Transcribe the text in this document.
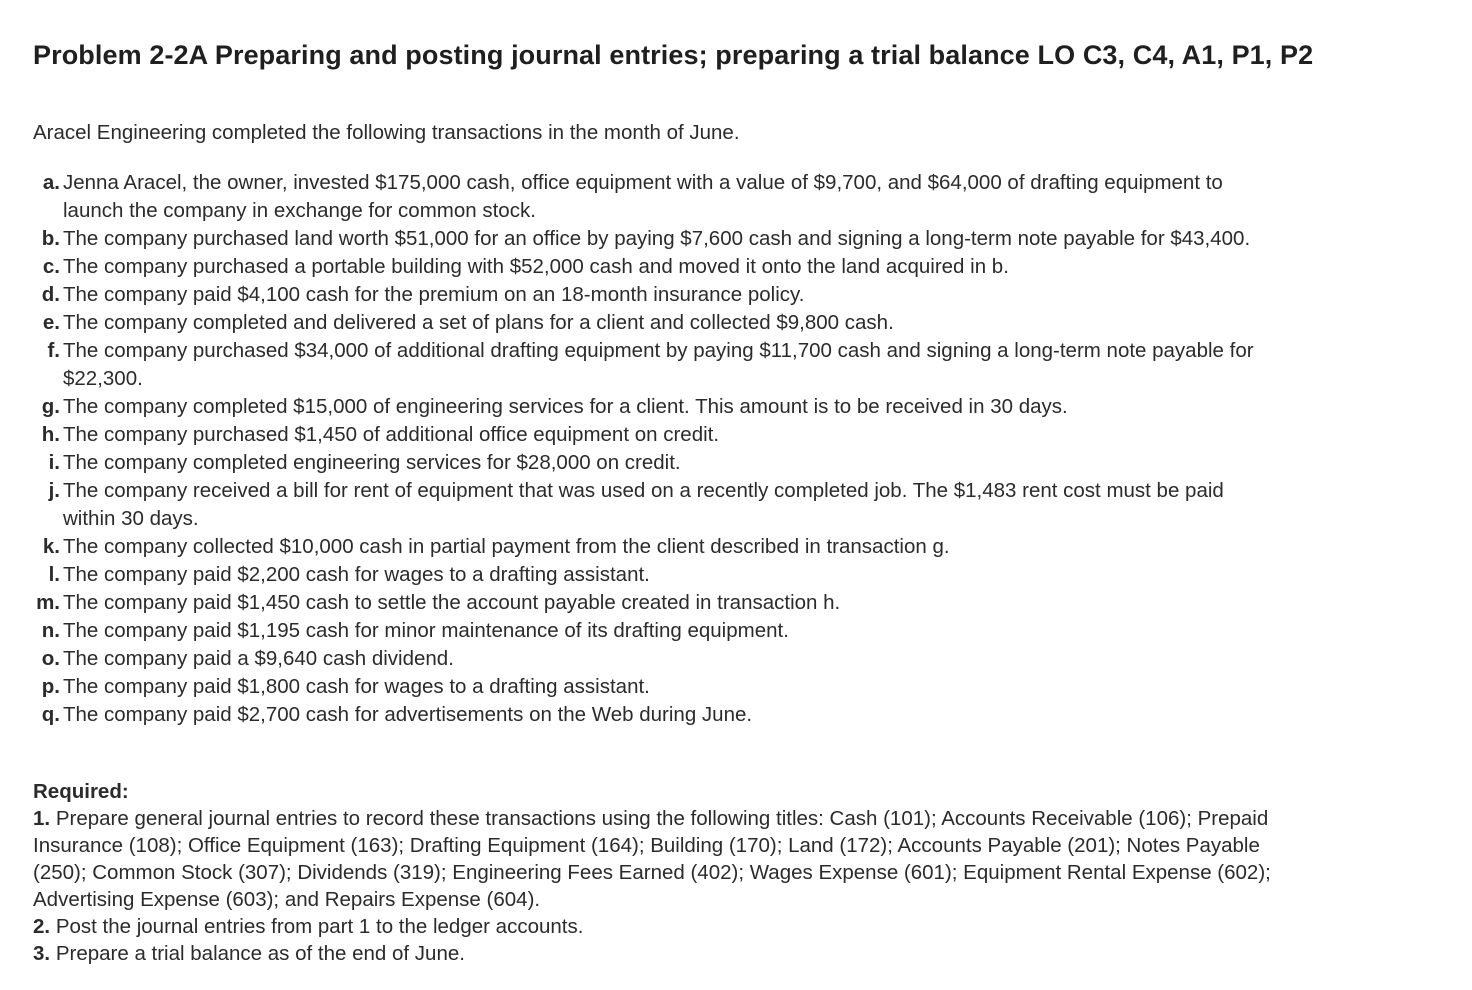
Problem 2-2A Preparing and posting journal entries; preparing a trial balance LO C3, C4, A1, P1, P2

Aracel Engineering completed the following transactions in the month of June.

a. Jenna Aracel, the owner, invested $175,000 cash, office equipment with a value of $9,700, and $64,000 of drafting equipment to
launch the company in exchange for common stock.
b. The company purchased land worth $51,000 for an office by paying $7,600 cash and signing a long-term note payable for $43,400.
c. The company purchased a portable building with $52,000 cash and moved it onto the land acquired in b.
d. The company paid $4,100 cash for the premium on an 18-month insurance policy.
e. The company completed and delivered a set of plans for a client and collected $9,800 cash.
f. The company purchased $34,000 of additional drafting equipment by paying $11,700 cash and signing a long-term note payable for
$22,300.
g. The company completed $15,000 of engineering services for a client. This amount is to be received in 30 days.
h. The company purchased $1,450 of additional office equipment on credit.
i. The company completed engineering services for $28,000 on credit.
j. The company received a bill for rent of equipment that was used on a recently completed job. The $1,483 rent cost must be paid
within 30 days.
k. The company collected $10,000 cash in partial payment from the client described in transaction g.
l. The company paid $2,200 cash for wages to a drafting assistant.
m. The company paid $1,450 cash to settle the account payable created in transaction h.
n. The company paid $1,195 cash for minor maintenance of its drafting equipment.
o. The company paid a $9,640 cash dividend.
p. The company paid $1,800 cash for wages to a drafting assistant.
q. The company paid $2,700 cash for advertisements on the Web during June.
Required:
1. Prepare general journal entries to record these transactions using the following titles: Cash (101); Accounts Receivable (106); Prepaid
Insurance (108); Office Equipment (163); Drafting Equipment (164); Building (170); Land (172); Accounts Payable (201); Notes Payable
(250); Common Stock (307); Dividends (319); Engineering Fees Earned (402); Wages Expense (601); Equipment Rental Expense (602);
Advertising Expense (603); and Repairs Expense (604).
2. Post the journal entries from part 1 to the ledger accounts.
3. Prepare a trial balance as of the end of June.
